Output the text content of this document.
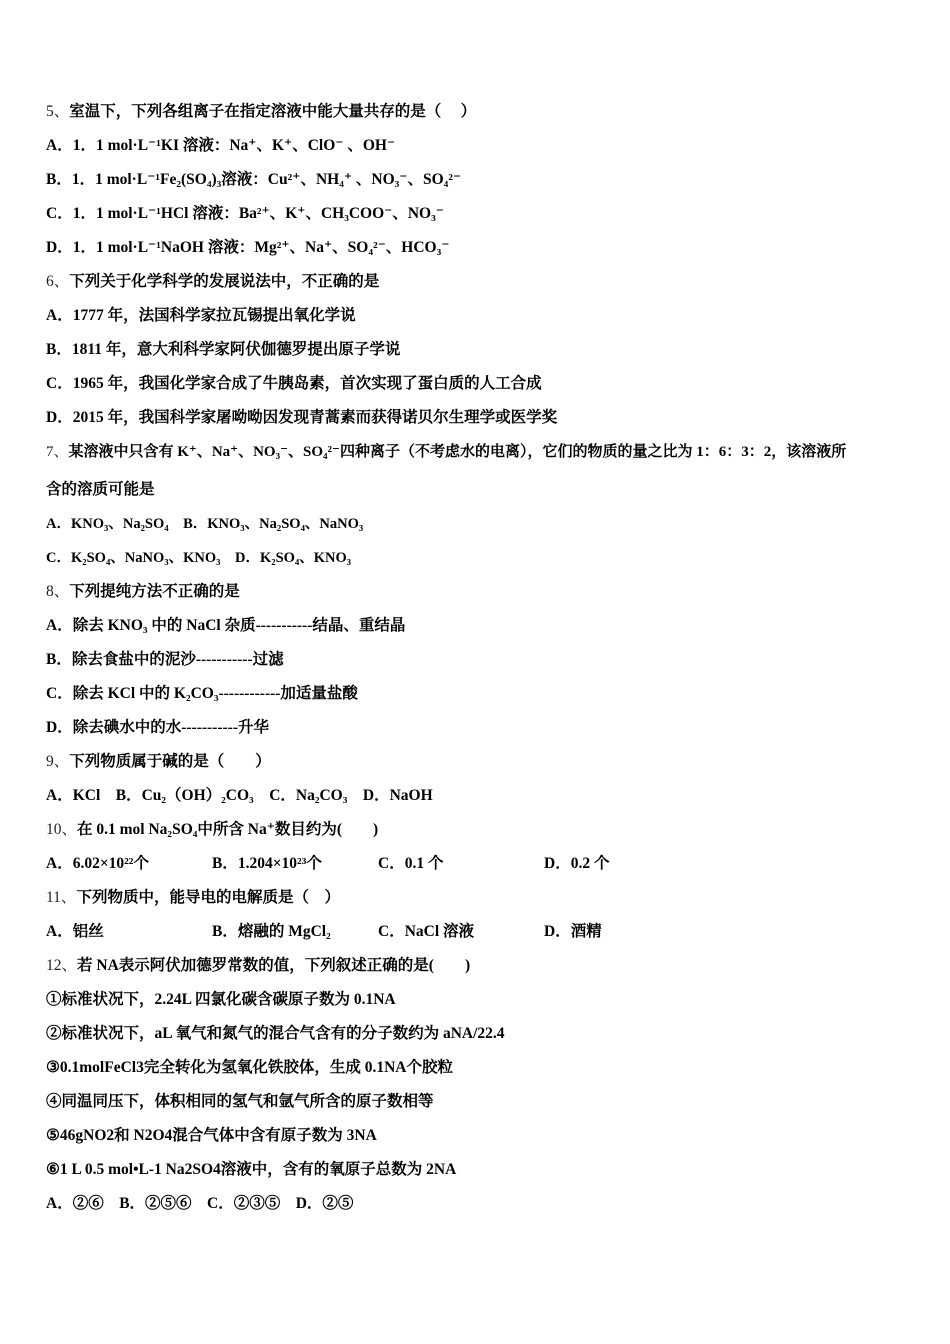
5、室温下，下列各组离子在指定溶液中能大量共存的是（　 ）
A．1．1 mol·L⁻¹KI 溶液：Na⁺、K⁺、ClO⁻ 、OH⁻
B．1．1 mol·L⁻¹Fe₂(SO₄)₃溶液：Cu²⁺、NH₄⁺ 、NO₃⁻、SO₄²⁻
C．1．1 mol·L⁻¹HCl 溶液：Ba²⁺、K⁺、CH₃COO⁻、NO₃⁻
D．1．1 mol·L⁻¹NaOH 溶液：Mg²⁺、Na⁺、SO₄²⁻、HCO₃⁻
6、下列关于化学科学的发展说法中，不正确的是
A．1777 年，法国科学家拉瓦锡提出氧化学说
B．1811 年，意大利科学家阿伏伽德罗提出原子学说
C．1965 年，我国化学家合成了牛胰岛素，首次实现了蛋白质的人工合成
D．2015 年，我国科学家屠呦呦因发现青蒿素而获得诺贝尔生理学或医学奖
7、某溶液中只含有 K⁺、Na⁺、NO₃⁻、SO₄²⁻四种离子（不考虑水的电离），它们的物质的量之比为 1：6：3：2，该溶液所
含的溶质可能是
A．KNO₃、Na₂SO₄　B．KNO₃、Na₂SO₄、NaNO₃
C．K₂SO₄、NaNO₃、KNO₃　D．K₂SO₄、KNO₃
8、下列提纯方法不正确的是
A．除去 KNO₃ 中的 NaCl 杂质-----------结晶、重结晶
B．除去食盐中的泥沙-----------过滤
C．除去 KCl 中的 K₂CO₃------------加适量盐酸
D．除去碘水中的水-----------升华
9、下列物质属于碱的是（　　）
A．KCl　B．Cu₂（OH）₂CO₃　C．Na₂CO₃　D．NaOH
10、在 0.1 mol Na₂SO₄中所含 Na⁺数目约为(　　)
A．6.02×10²²个	B．1.204×10²³个	C．0.1 个	D．0.2 个
11、下列物质中，能导电的电解质是（　）
A．铝丝	B．熔融的 MgCl₂	C．NaCl 溶液	D．酒精
12、若 NA表示阿伏加德罗常数的值，下列叙述正确的是(　　)
①标准状况下，2.24L 四氯化碳含碳原子数为 0.1NA
②标准状况下，aL 氧气和氮气的混合气含有的分子数约为 aNA/22.4
③0.1molFeCl3完全转化为氢氧化铁胶体，生成 0.1NA个胶粒
④同温同压下，体积相同的氢气和氩气所含的原子数相等
⑤46gNO2和 N2O4混合气体中含有原子数为 3NA
⑥1 L 0.5 mol•L-1 Na2SO4溶液中，含有的氧原子总数为 2NA
A．②⑥　B．②⑤⑥　C．②③⑤　D．②⑤
